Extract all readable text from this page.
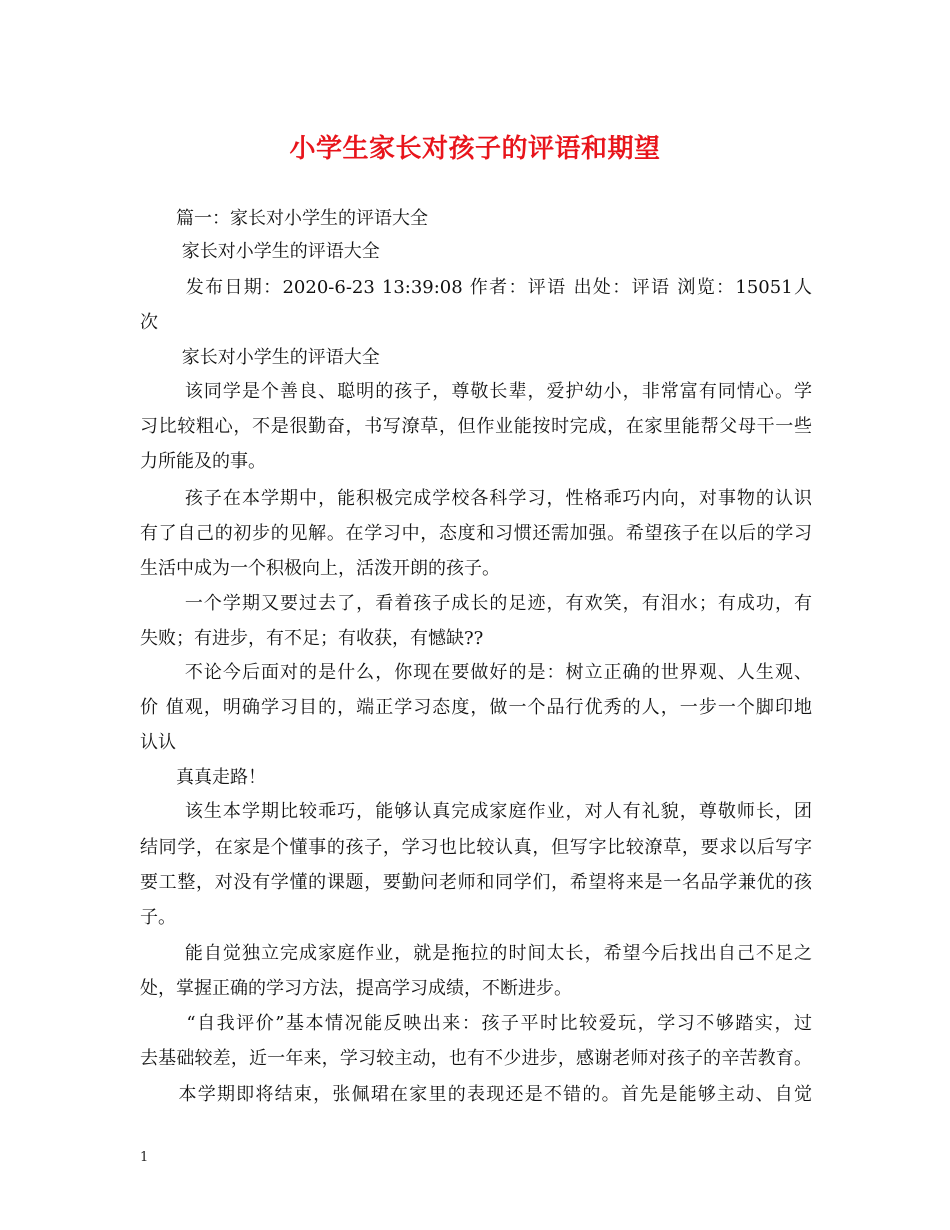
小学生家长对孩子的评语和期望
　　篇一：家长对小学生的评语大全
　　 家长对小学生的评语大全
　　 发布日期：2020-6-23 13:39:08 作者：评语 出处：评语 浏览：15051人
次
　　 家长对小学生的评语大全
　　 该同学是个善良、聪明的孩子，尊敬长辈，爱护幼小，非常富有同情心。学
习比较粗心，不是很勤奋，书写潦草，但作业能按时完成，在家里能帮父母干一些
力所能及的事。
　　 孩子在本学期中，能积极完成学校各科学习，性格乖巧内向，对事物的认识
有了自己的初步的见解。在学习中，态度和习惯还需加强。希望孩子在以后的学习
生活中成为一个积极向上，活泼开朗的孩子。
　　 一个学期又要过去了，看着孩子成长的足迹，有欢笑，有泪水；有成功，有
失败；有进步，有不足；有收获，有憾缺??
　　 不论今后面对的是什么，你现在要做好的是：树立正确的世界观、人生观、
价 值观，明确学习目的，端正学习态度，做一个品行优秀的人，一步一个脚印地
认认
　　真真走路！
　　 该生本学期比较乖巧，能够认真完成家庭作业，对人有礼貌，尊敬师长，团
结同学，在家是个懂事的孩子，学习也比较认真，但写字比较潦草，要求以后写字
要工整，对没有学懂的课题，要勤问老师和同学们，希望将来是一名品学兼优的孩
子。
　　 能自觉独立完成家庭作业，就是拖拉的时间太长，希望今后找出自己不足之
处，掌握正确的学习方法，提高学习成绩，不断进步。
　　 “自我评价”基本情况能反映出来：孩子平时比较爱玩，学习不够踏实，过
去基础较差，近一年来，学习较主动，也有不少进步，感谢老师对孩子的辛苦教育。
　　本学期即将结束，张佩珺在家里的表现还是不错的。首先是能够主动、自觉
1
